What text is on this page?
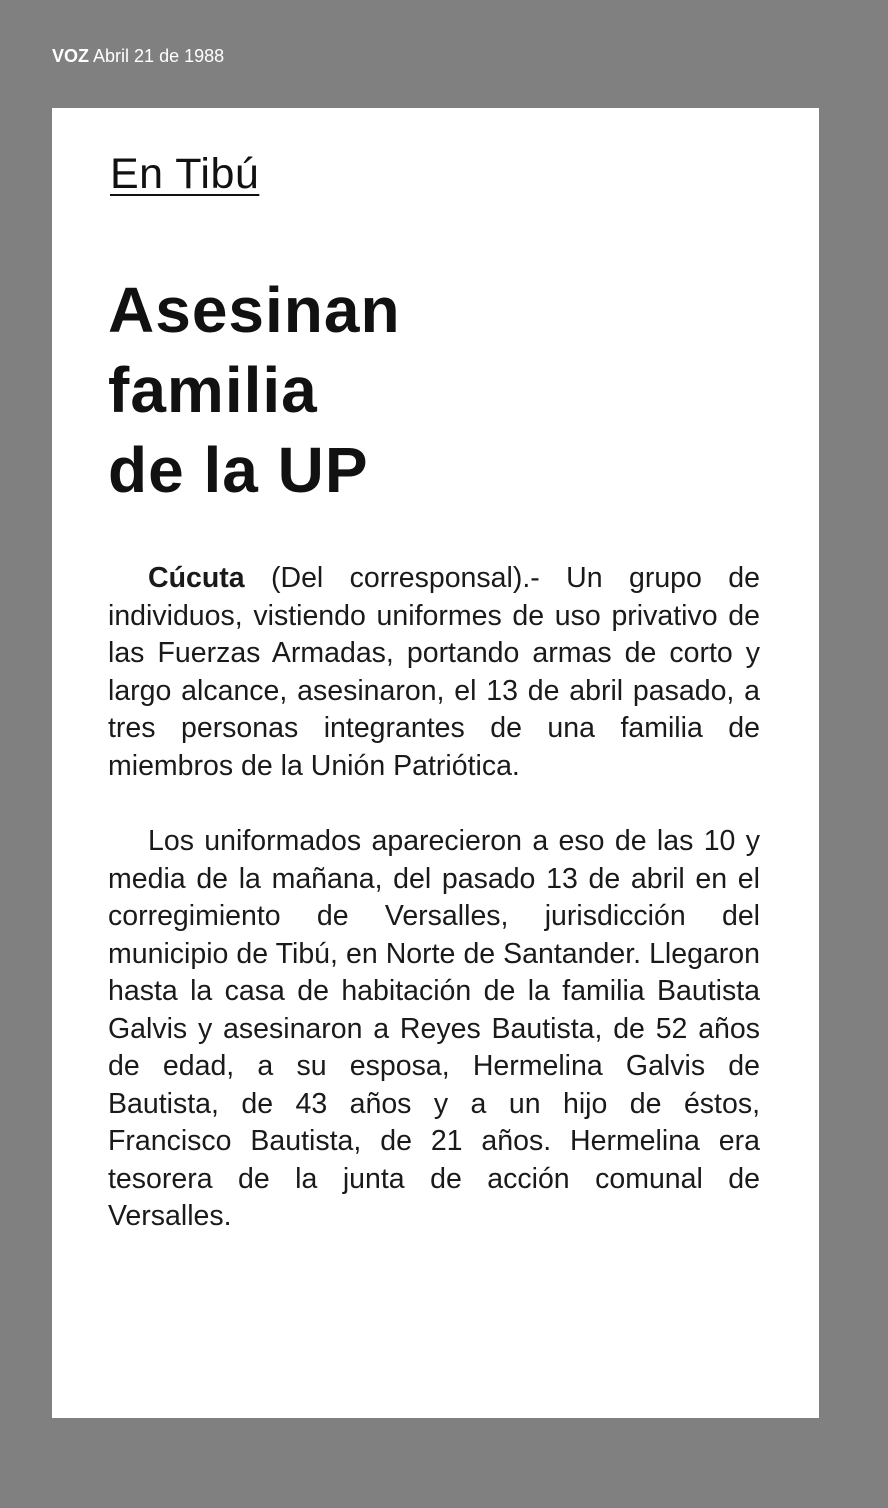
VOZ Abril 21 de 1988
En Tibú
Asesinan
familia
de la UP

Cúcuta (Del corresponsal).- Un grupo de individuos, vistiendo uniformes de uso privativo de las Fuerzas Armadas, portando armas de corto y largo alcance, asesinaron, el 13 de abril pasado, a tres personas integrantes de una familia de miembros de la Unión Patriótica.

Los uniformados aparecieron a eso de las 10 y media de la mañana, del pasado 13 de abril en el corregimiento de Versalles, jurisdicción del municipio de Tibú, en Norte de Santander. Llegaron hasta la casa de habitación de la familia Bautista Galvis y asesinaron a Reyes Bautista, de 52 años de edad, a su esposa, Hermelina Galvis de Bautista, de 43 años y a un hijo de éstos, Francisco Bautista, de 21 años. Hermelina era tesorera de la junta de acción comunal de Versalles.
